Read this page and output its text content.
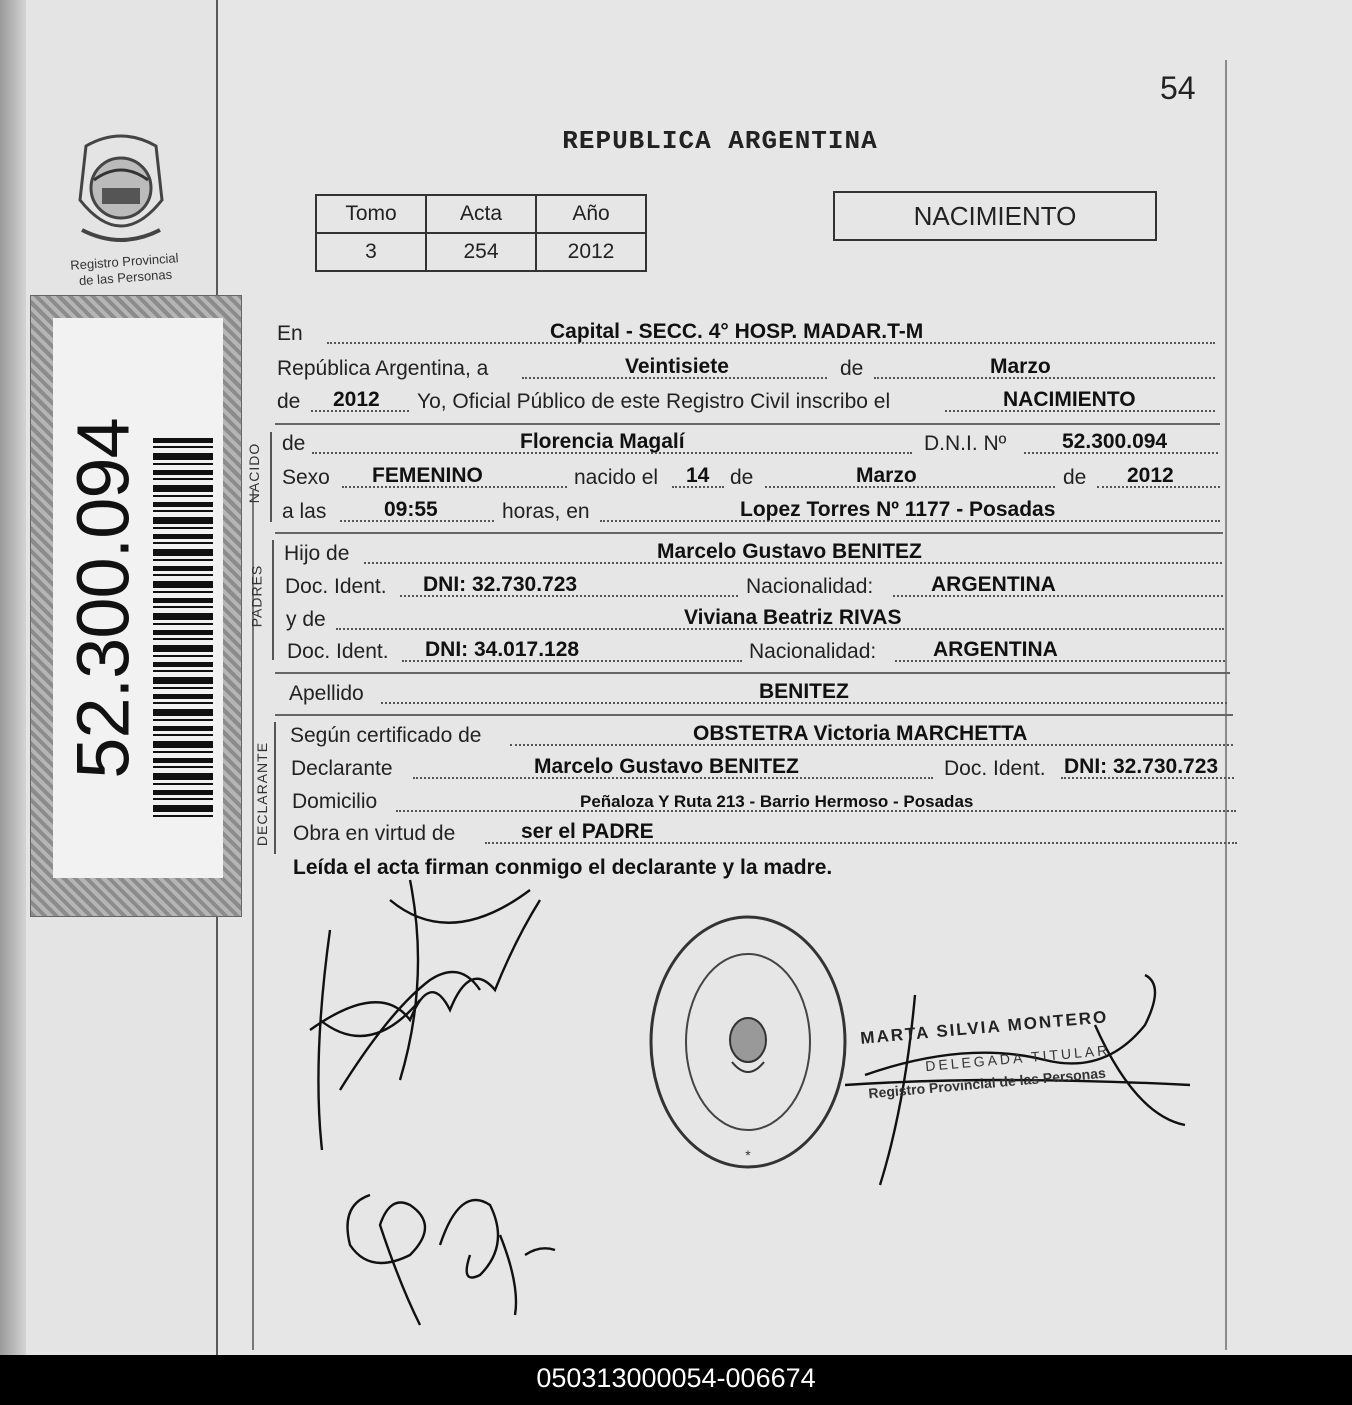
Registro Provincial
de las Personas
52.300.094
54
REPUBLICA ARGENTINA
Tomo	Acta	Año
3	254	2012
NACIMIENTO
En	Capital - SECC. 4° HOSP. MADAR.T-M
República Argentina, a	Veintisiete	de	Marzo
de 2012 Yo, Oficial Público de este Registro Civil inscribo el	NACIMIENTO
NACIDO de	Florencia Magalí	D.N.I. Nº	52.300.094
Sexo FEMENINO	nacido el 14 de	Marzo	de 2012
a las	09:55	horas, en	Lopez Torres Nº 1177 - Posadas
PADRES
Hijo de	Marcelo Gustavo BENITEZ
Doc. Ident. DNI: 32.730.723	Nacionalidad:	ARGENTINA
y de	Viviana Beatriz RIVAS
Doc. Ident. DNI: 34.017.128	Nacionalidad:	ARGENTINA
Apellido	BENITEZ
DECLARANTE
Según certificado de	OBSTETRA Victoria MARCHETTA
Declarante	Marcelo Gustavo BENITEZ	Doc. Ident. DNI: 32.730.723
Domicilio	Peñaloza Y Ruta 213 - Barrio Hermoso - Posadas
Obra en virtud de	ser el PADRE
Leída el acta firman conmigo el declarante y la madre.
*
MARTA SILVIA MONTERO
DELEGADA TITULAR
Registro Provincial de las Personas
050313000054-006674
